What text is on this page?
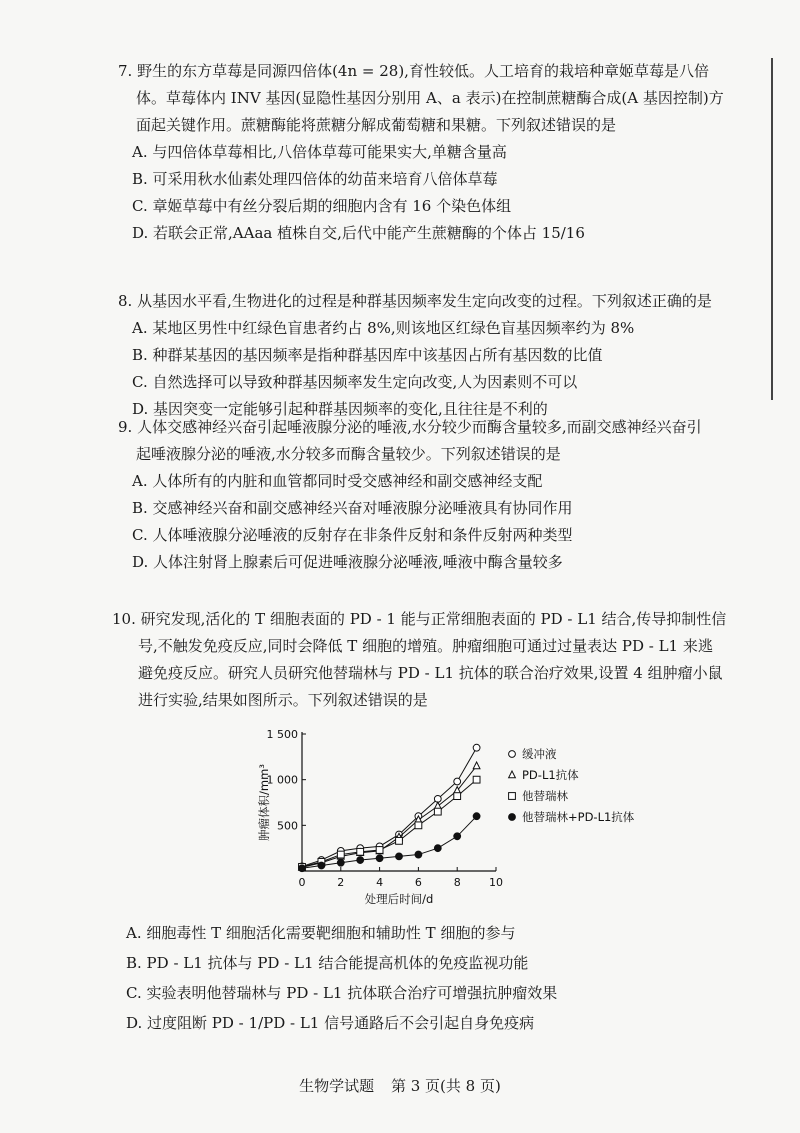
7. 野生的东方草莓是同源四倍体(4n = 28),育性较低。人工培育的栽培种章姬草莓是八倍
体。草莓体内 INV 基因(显隐性基因分别用 A、a 表示)在控制蔗糖酶合成(A 基因控制)方
面起关键作用。蔗糖酶能将蔗糖分解成葡萄糖和果糖。下列叙述错误的是

A. 与四倍体草莓相比,八倍体草莓可能果实大,单糖含量高

B. 可采用秋水仙素处理四倍体的幼苗来培育八倍体草莓

C. 章姬草莓中有丝分裂后期的细胞内含有 16 个染色体组

D. 若联会正常,AAaa 植株自交,后代中能产生蔗糖酶的个体占 15/16

8. 从基因水平看,生物进化的过程是种群基因频率发生定向改变的过程。下列叙述正确的是

A. 某地区男性中红绿色盲患者约占 8%,则该地区红绿色盲基因频率约为 8%

B. 种群某基因的基因频率是指种群基因库中该基因占所有基因数的比值

C. 自然选择可以导致种群基因频率发生定向改变,人为因素则不可以

D. 基因突变一定能够引起种群基因频率的变化,且往往是不利的

9. 人体交感神经兴奋引起唾液腺分泌的唾液,水分较少而酶含量较多,而副交感神经兴奋引
起唾液腺分泌的唾液,水分较多而酶含量较少。下列叙述错误的是

A. 人体所有的内脏和血管都同时受交感神经和副交感神经支配

B. 交感神经兴奋和副交感神经兴奋对唾液腺分泌唾液具有协同作用

C. 人体唾液腺分泌唾液的反射存在非条件反射和条件反射两种类型

D. 人体注射肾上腺素后可促进唾液腺分泌唾液,唾液中酶含量较多

10. 研究发现,活化的 T 细胞表面的 PD - 1 能与正常细胞表面的 PD - L1 结合,传导抑制性信
号,不触发免疫反应,同时会降低 T 细胞的增殖。肿瘤细胞可通过过量表达 PD - L1 来逃
避免疫反应。研究人员研究他替瑞林与 PD - L1 抗体的联合治疗效果,设置 4 组肿瘤小鼠
进行实验,结果如图所示。下列叙述错误的是

0	2	4	6	8	10
500
1 000
1 500
处理后时间/d
肿瘤体积/mm³
缓冲液
PD-L1抗体
他替瑞林
他替瑞林+PD-L1抗体
A. 细胞毒性 T 细胞活化需要靶细胞和辅助性 T 细胞的参与
B. PD - L1 抗体与 PD - L1 结合能提高机体的免疫监视功能
C. 实验表明他替瑞林与 PD - L1 抗体联合治疗可增强抗肿瘤效果
D. 过度阻断 PD - 1/PD - L1 信号通路后不会引起自身免疫病
生物学试题 第 3 页(共 8 页)
